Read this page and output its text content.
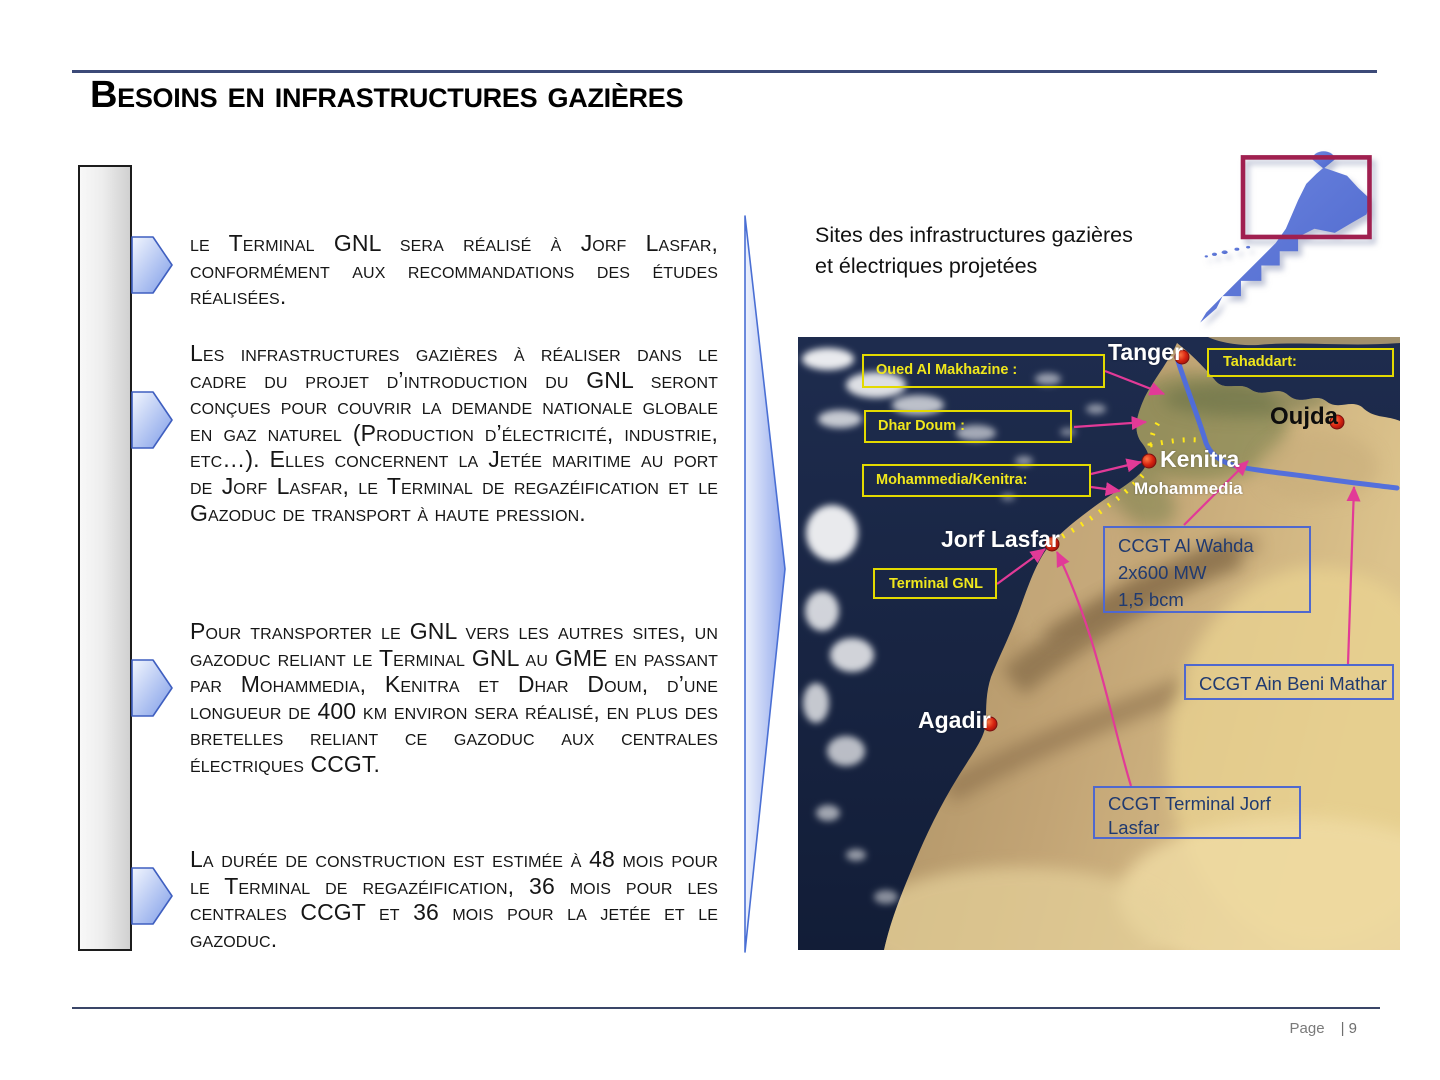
Besoins en infrastructures gazières

le Terminal GNL sera réalisé à Jorf Lasfar, conformément aux recommandations des études réalisées.

Les infrastructures gazières à réaliser dans le cadre du projet d’introduction du GNL seront conçues pour couvrir la demande nationale globale en gaz naturel (Production d’électricité, industrie, etc…). Elles concernent la Jetée maritime au port de Jorf Lasfar, le Terminal de regazéification et le Gazoduc de transport à haute pression.

Pour transporter le GNL vers les autres sites, un gazoduc reliant le Terminal GNL au GME en passant par Mohammedia, Kenitra et Dhar Doum, d’une longueur de 400 km environ sera réalisé, en plus des bretelles reliant ce gazoduc aux centrales électriques CCGT.

La durée de construction est estimée à 48 mois pour le Terminal de regazéification, 36 mois pour les centrales CCGT et 36 mois pour la jetée et le gazoduc.

Sites des infrastructures gazières et électriques projetées
Tanger
Oujda
Kenitra
Mohammedia
Jorf Lasfar
Agadir
Oued Al Makhazine :
Dhar Doum :
Mohammedia/Kenitra:
Terminal GNL
Tahaddart:
CCGT Al Wahda
2x600 MW
1,5 bcm
CCGT Ain Beni Mathar
CCGT Terminal Jorf
Lasfar
Page | 9
